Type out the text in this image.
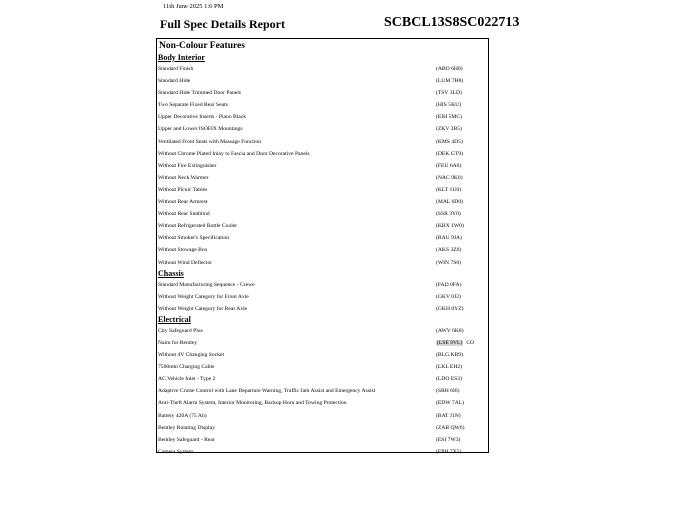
11th June 2025 1:6 PM
Full Spec Details Report	SCBCL13S8SC022713
Non-Colour Features
Body Interior
Standard Finish	(ABO 6H0)
Standard Hide	(LUM 7H8)
Standard Hide Trimmed Door Panels	(TSV 3LD)
Two Separate Fixed Rear Seats	(HIS 5KU)
Upper Decorative Inserts - Piano Black	(EIH 5MC)
Upper and Lower ISOFIX Mountings	(ZKV 3B5)
Ventilated Front Seats with Massage Function	(KMS 4D5)
Without Chrome Plated Inlay to Fascia and Door Decorative Panels	(DEK GT9)
Without Fire Extinguisher	(FEU 6A0)
Without Neck Warmer	(NAC 9K0)
Without Picnic Tables	(KLT 1U0)
Without Rear Armrest	(MAL 6D0)
Without Rear Sunblind	(SSR 3Y0)
Without Refrigerated Bottle Cooler	(KBX 1W0)
Without Smoker's Specification	(RAU 9JA)
Without Stowage Box	(AKS 3Z6)
Without Wind Deflector	(WIN 7S0)
Chassis
Standard Manufacturing Sequence - Crewe	(FAD 0FA)
Without Weight Category for Front Axle	(GKV 0J2)
Without Weight Category for Rear Axle	(GKH 0YZ)
Electrical
City Safeguard Plus	(AWV 6K8)
Naim for Bentley	(LSE 9VL) CO
Without 4V Changing Socket	(BLG KB9)
7500mm Charging Cable	(LKL EH2)
AC Vehicle Inlet - Type 2	(LDO ES3)
Adaptive Cruise Control with Lane Departure Warning, Traffic Jam Assist and Emergency Assist	(SRH 6I6)
Anti-Theft Alarm System, Interior Monitoring, Backup Horn and Towing Protection	(EDW 7AL)
Battery 420A (75 Ah)	(BAT J1N)
Bentley Rotating Display	(ZAB QW6)
Bentley Safeguard - Rear	(ESI 7W3)
Camera System	(EPH 7X5)
